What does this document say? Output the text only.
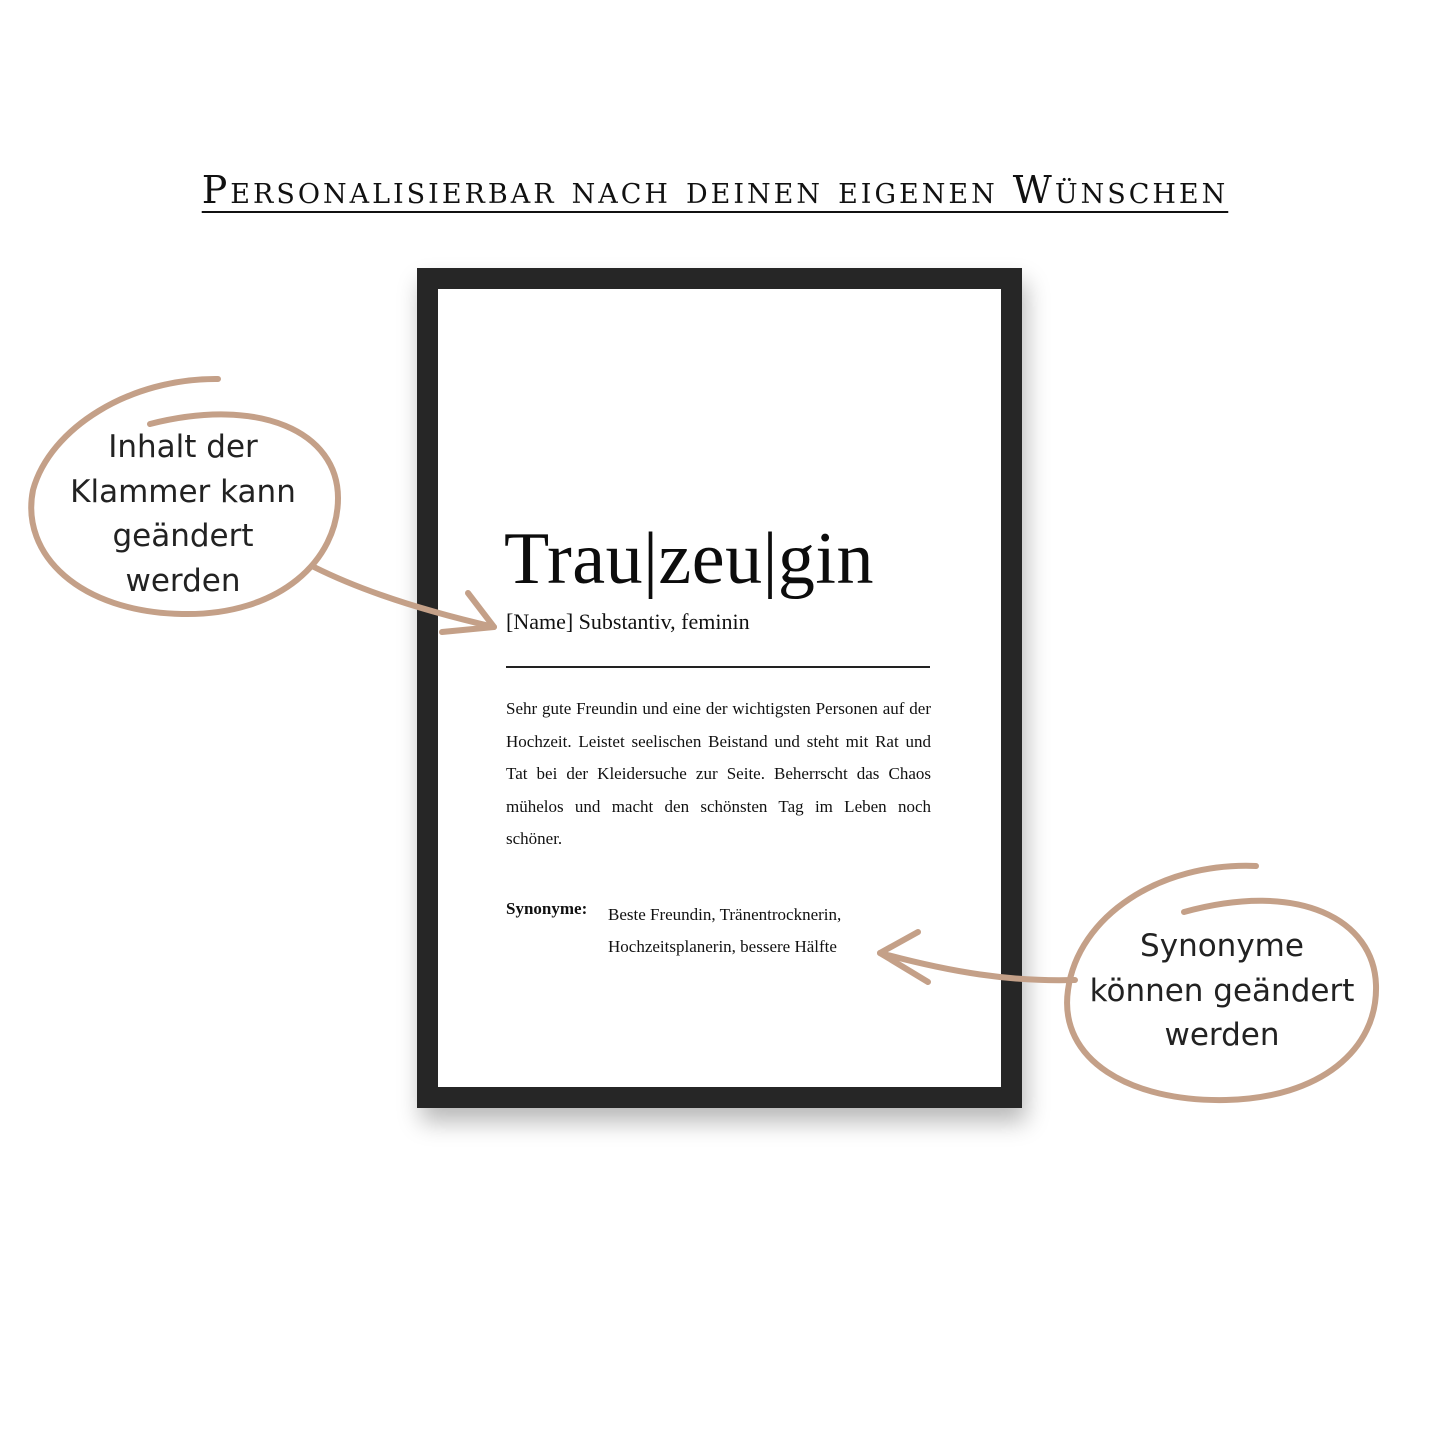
Personalisierbar nach deinen eigenen Wünschen
Trau|zeu|gin
[Name] Substantiv, feminin
Sehr gute Freundin und eine der wichtigsten Personen auf der Hochzeit. Leistet seelischen Beistand und steht mit Rat und Tat bei der Kleidersuche zur Seite. Beherrscht das Chaos mühelos und macht den schönsten Tag im Leben noch schöner.
Synonyme: Beste Freundin, Tränentrocknerin,
Hochzeitsplanerin, bessere Hälfte
Inhalt der
Klammer kann
geändert
werden
Synonyme
können geändert
werden
